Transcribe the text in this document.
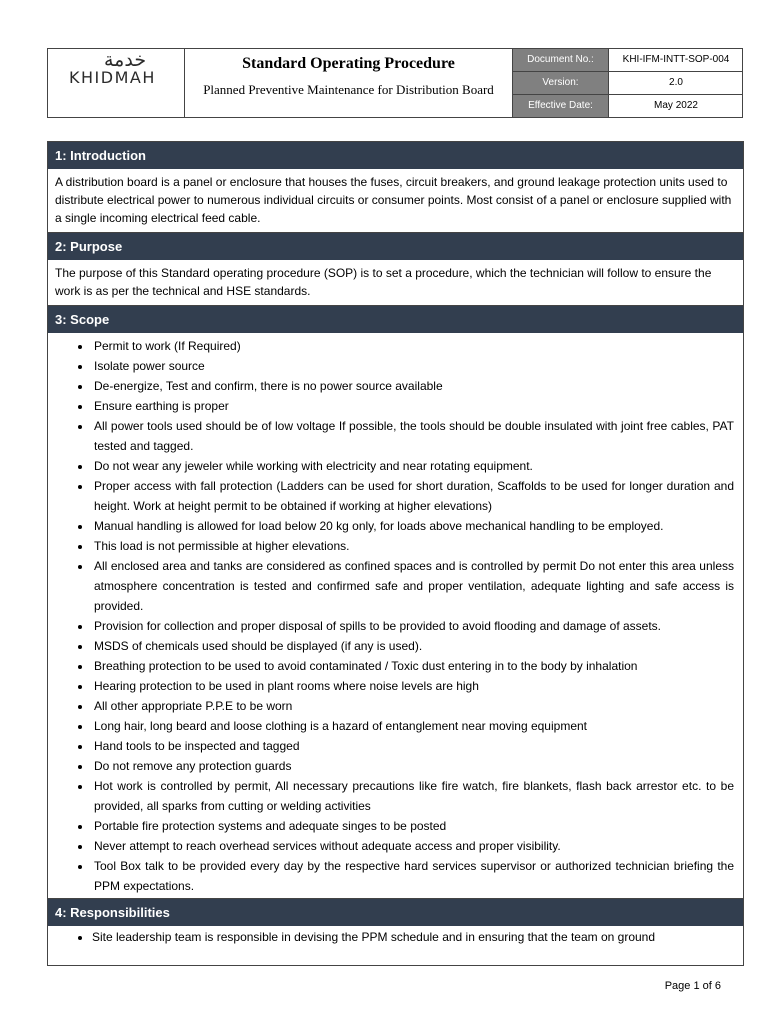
خدمة
KHIDMAH
Standard Operating Procedure
Planned Preventive Maintenance for Distribution Board
Document No.:	KHI-IFM-INTT-SOP-004
Version:	2.0
Effective Date:	May 2022
1: Introduction
A distribution board is a panel or enclosure that houses the fuses, circuit breakers, and ground leakage protection units used to distribute electrical power to numerous individual circuits or consumer points. Most consist of a panel or enclosure supplied with a single incoming electrical feed cable.
2: Purpose
The purpose of this Standard operating procedure (SOP) is to set a procedure, which the technician will follow to ensure the work is as per the technical and HSE standards.
3: Scope
• Permit to work (If Required)
• Isolate power source
• De-energize, Test and confirm, there is no power source available
• Ensure earthing is proper
• All power tools used should be of low voltage If possible, the tools should be double insulated with joint free cables, PAT tested and tagged.
• Do not wear any jeweler while working with electricity and near rotating equipment.
• Proper access with fall protection (Ladders can be used for short duration, Scaffolds to be used for longer duration and height. Work at height permit to be obtained if working at higher elevations)
• Manual handling is allowed for load below 20 kg only, for loads above mechanical handling to be employed.
• This load is not permissible at higher elevations.
• All enclosed area and tanks are considered as confined spaces and is controlled by permit Do not enter this area unless atmosphere concentration is tested and confirmed safe and proper ventilation, adequate lighting and safe access is provided.
• Provision for collection and proper disposal of spills to be provided to avoid flooding and damage of assets.
• MSDS of chemicals used should be displayed (if any is used).
• Breathing protection to be used to avoid contaminated / Toxic dust entering in to the body by inhalation
• Hearing protection to be used in plant rooms where noise levels are high
• All other appropriate P.P.E to be worn
• Long hair, long beard and loose clothing is a hazard of entanglement near moving equipment
• Hand tools to be inspected and tagged
• Do not remove any protection guards
• Hot work is controlled by permit, All necessary precautions like fire watch, fire blankets, flash back arrestor etc. to be provided, all sparks from cutting or welding activities
• Portable fire protection systems and adequate singes to be posted
• Never attempt to reach overhead services without adequate access and proper visibility.
• Tool Box talk to be provided every day by the respective hard services supervisor or authorized technician briefing the PPM expectations.
4: Responsibilities
• Site leadership team is responsible in devising the PPM schedule and in ensuring that the team on ground
Page 1 of 6
